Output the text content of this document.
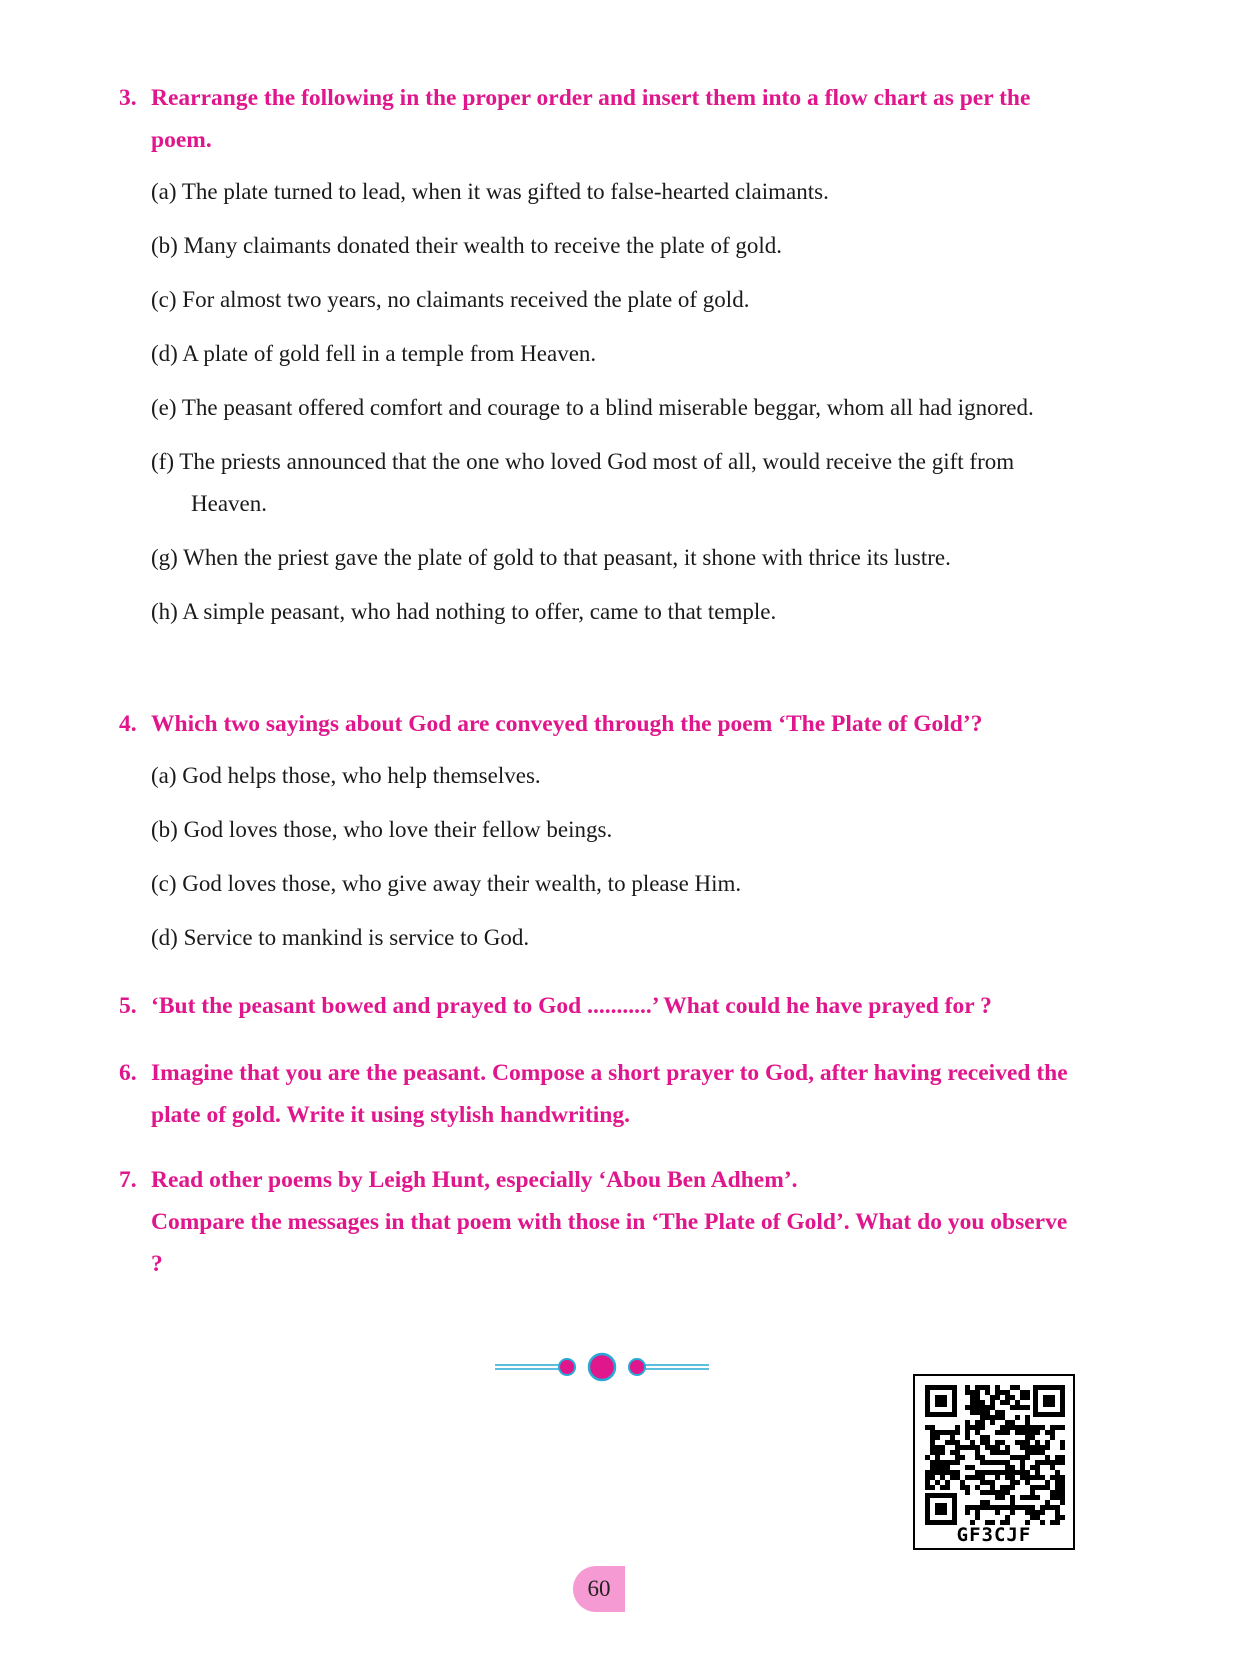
3. Rearrange the following in the proper order and insert them into a flow chart as per the poem.
(a) The plate turned to lead, when it was gifted to false-hearted claimants.
(b) Many claimants donated their wealth to receive the plate of gold.
(c) For almost two years, no claimants received the plate of gold.
(d) A plate of gold fell in a temple from Heaven.
(e) The peasant offered comfort and courage to a blind miserable beggar, whom all had ignored.
(f) The priests announced that the one who loved God most of all, would receive the gift from Heaven.
(g) When the priest gave the plate of gold to that peasant, it shone with thrice its lustre.
(h) A simple peasant, who had nothing to offer, came to that temple.
4. Which two sayings about God are conveyed through the poem ‘The Plate of Gold’?
(a) God helps those, who help themselves.
(b) God loves those, who love their fellow beings.
(c) God loves those, who give away their wealth, to please Him.
(d) Service to mankind is service to God.
5. ‘But the peasant bowed and prayed to God ...........’ What could he have prayed for ?
6. Imagine that you are the peasant. Compose a short prayer to God, after having received the plate of gold. Write it using stylish handwriting.
7. Read other poems by Leigh Hunt, especially ‘Abou Ben Adhem’.
Compare the messages in that poem with those in ‘The Plate of Gold’. What do you observe ?
GF3CJF
60
